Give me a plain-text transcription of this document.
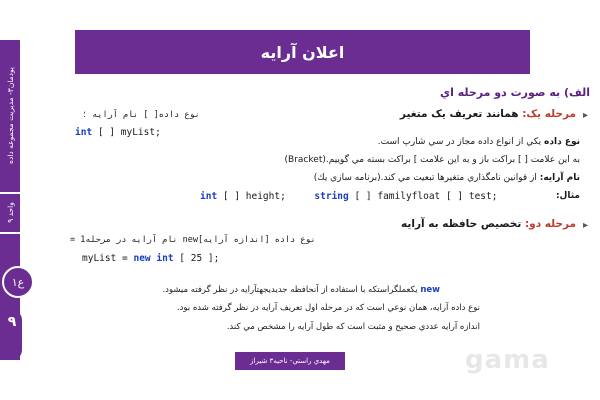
اعلان آرایه
پودمان٣- مديريت مجموعه داده
واحد ٩
ع١
٩
الف) به صورت دو مرحله اي
▸
مرحله یک: همانند تعریف یک متغیر
نوع داده[ ] نام آرایه ؛
int [ ] myList;
نوع داده يكي از انواع داده مجاز در سي شارپ است.
به اين علامت [ ] براكت باز و به اين علامت ] براكت بسته مي گوييم.(Bracket)
نام آرايه: از قوانين نامگذاري متغيرها تبعيت مي كند.(برنامه سازي يك)
مثال:
int [ ] height;	string [ ] familyfloat [ ] test;
▸
مرحله دو: تخصيص حافظه به آرايه
نوع داده [اندازه آرایه]new نام آرایه در مرحله1 =
myList = new int [ 25 ];
new يكعملگراستكه با استفاده از آنحافظه جديديجهتآرايه در نظر گرفته ميشود.
نوع داده آرايه، همان نوعي است كه در مرحله اول تعريف آرايه در نظر گرفته شده بود.
اندازه آرايه عددي صحيح و مثبت است كه طول آرايه را مشخص مي كند.
مهدي راستي- ناحيه٣ شيراز	gama
